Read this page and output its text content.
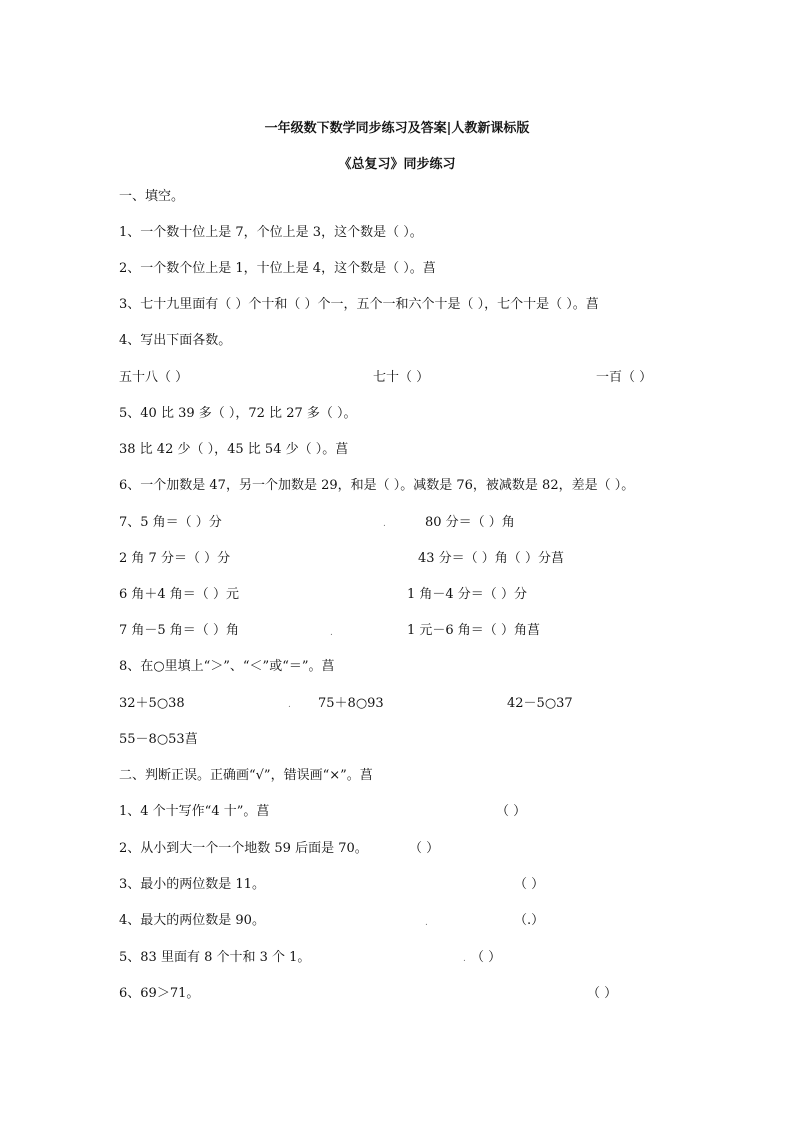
一年级数下数学同步练习及答案|人教新课标版
《总复习》同步练习
一、填空。
1、一个数十位上是 7，个位上是 3，这个数是（ ）。
2、一个数个位上是 1，十位上是 4，这个数是（ ）。菖
3、七十九里面有（ ）个十和（ ）个一，五个一和六个十是（ ），七个十是（ ）。菖
4、写出下面各数。
五十八（ ）	七十（ ）	一百（ ）
5、40 比 39 多（ ），72 比 27 多（ ）。
38 比 42 少（ ），45 比 54 少（ ）。菖
6、一个加数是 47，另一个加数是 29，和是（ ）。减数是 76，被减数是 82，差是（ ）。
7、5 角＝（ ）分	.	80 分＝（ ）角
2 角 7 分＝（ ）分	43 分＝（ ）角（ ）分菖
6 角＋4 角＝（ ）元	1 角－4 分＝（ ）分
7 角－5 角＝（ ）角	.	1 元－6 角＝（ ）角菖
8、在○里填上“＞”、“＜”或“＝”。菖
32＋5○38	. 75＋8○93	42－5○37
55－8○53菖
二、判断正误。正确画“√”，错误画“×”。菖
1、4 个十写作“4 十”。菖	（ ）
2、从小到大一个一个地数 59 后面是 70。	（ ）
3、最小的两位数是 11。	（ ）
4、最大的两位数是 90。	.	（.）
5、83 里面有 8 个十和 3 个 1。	. （ ）
6、69＞71。	（ ）
